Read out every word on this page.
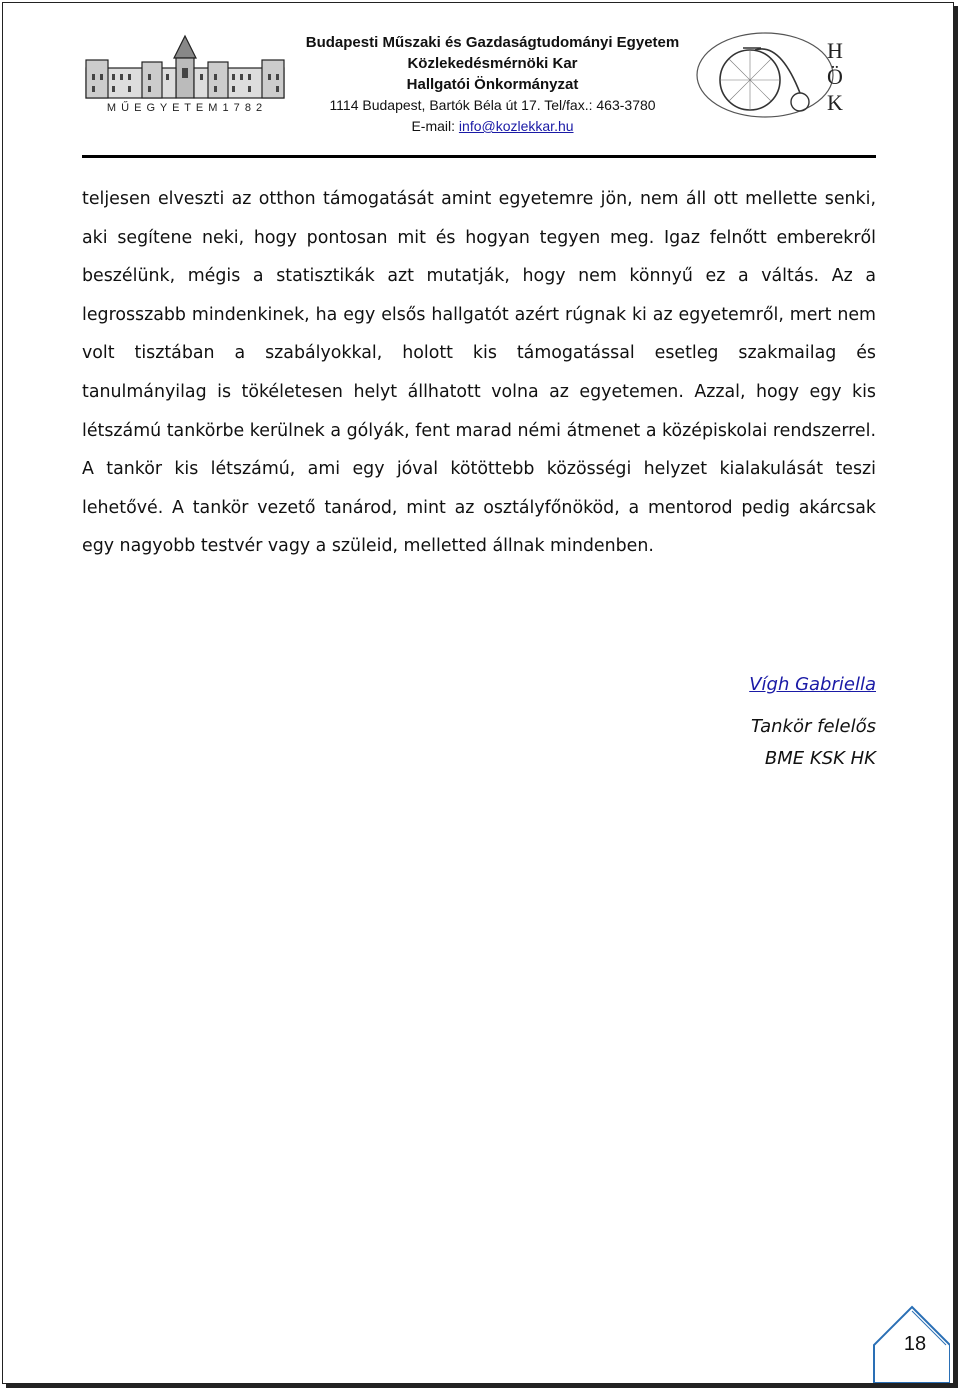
M Ű E G Y E T E M 1 7 8 2
Budapesti Műszaki és Gazdaságtudományi Egyetem
Közlekedésmérnöki Kar
Hallgatói Önkormányzat
1114 Budapest, Bartók Béla út 17. Tel/fax.: 463-3780
E-mail: info@kozlekkar.hu
H
Ö
K
teljesen elveszti az otthon támogatását amint egyetemre jön, nem áll ott mellette senki, aki segítene neki, hogy pontosan mit és hogyan tegyen meg. Igaz felnőtt emberekről beszélünk, mégis a statisztikák azt mutatják, hogy nem könnyű ez a váltás. Az a legrosszabb mindenkinek, ha egy elsős hallgatót azért rúgnak ki az egyetemről, mert nem volt tisztában a szabályokkal, holott kis támogatással esetleg szakmailag és tanulmányilag is tökéletesen helyt állhatott volna az egyetemen. Azzal, hogy egy kis létszámú tankörbe kerülnek a gólyák, fent marad némi átmenet a középiskolai rendszerrel. A tankör kis létszámú, ami egy jóval kötöttebb közösségi helyzet kialakulását teszi lehetővé. A tankör vezető tanárod, mint az osztályfőnököd, a mentorod pedig akárcsak egy nagyobb testvér vagy a szüleid, melletted állnak mindenben.
Vígh Gabriella
Tankör felelős
BME KSK HK
18
